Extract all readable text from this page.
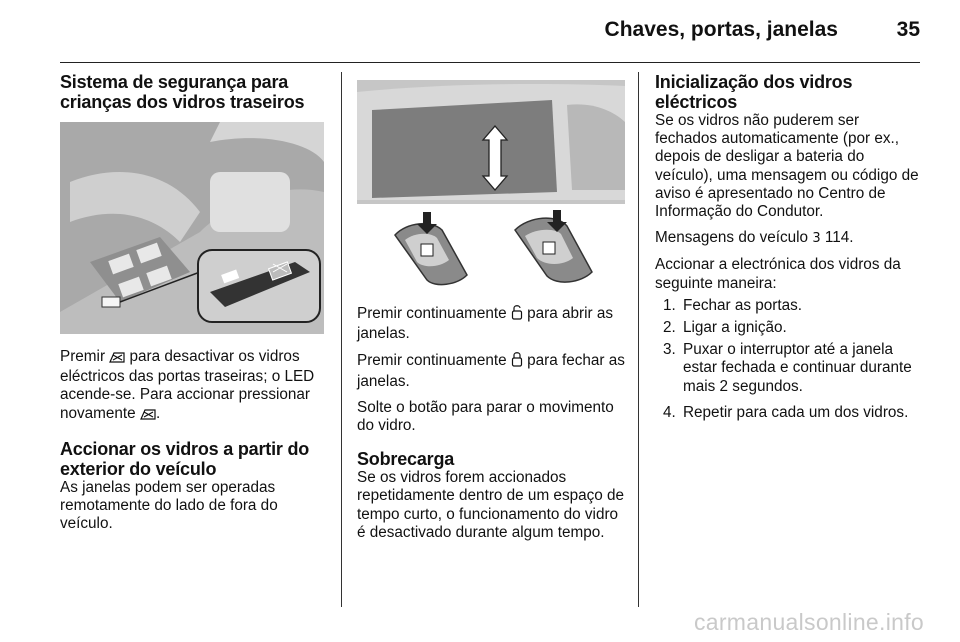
Chaves, portas, janelas	35
Sistema de segurança para crianças dos vidros traseiros

Premir  para desactivar os vidros eléctricos das portas traseiras; o LED acende-se. Para accionar pressionar novamente .

Accionar os vidros a partir do exterior do veículo

As janelas podem ser operadas remotamente do lado de fora do veículo.

Premir continuamente  para abrir as janelas.

Premir continuamente  para fechar as janelas.

Solte o botão para parar o movimento do vidro.

Sobrecarga

Se os vidros forem accionados repetidamente dentro de um espaço de tempo curto, o funcionamento do vidro é desactivado durante algum tempo.

Inicialização dos vidros eléctricos

Se os vidros não puderem ser fechados automaticamente (por ex., depois de desligar a bateria do veículo), uma mensagem ou código de aviso é apresentado no Centro de Informação do Condutor.

Mensagens do veículo 3 114.

Accionar a electrónica dos vidros da seguinte maneira:

1. Fechar as portas.
2. Ligar a ignição.
3. Puxar o interruptor até a janela estar fechada e continuar durante mais 2 segundos.
4. Repetir para cada um dos vidros.
carmanualsonline.info
